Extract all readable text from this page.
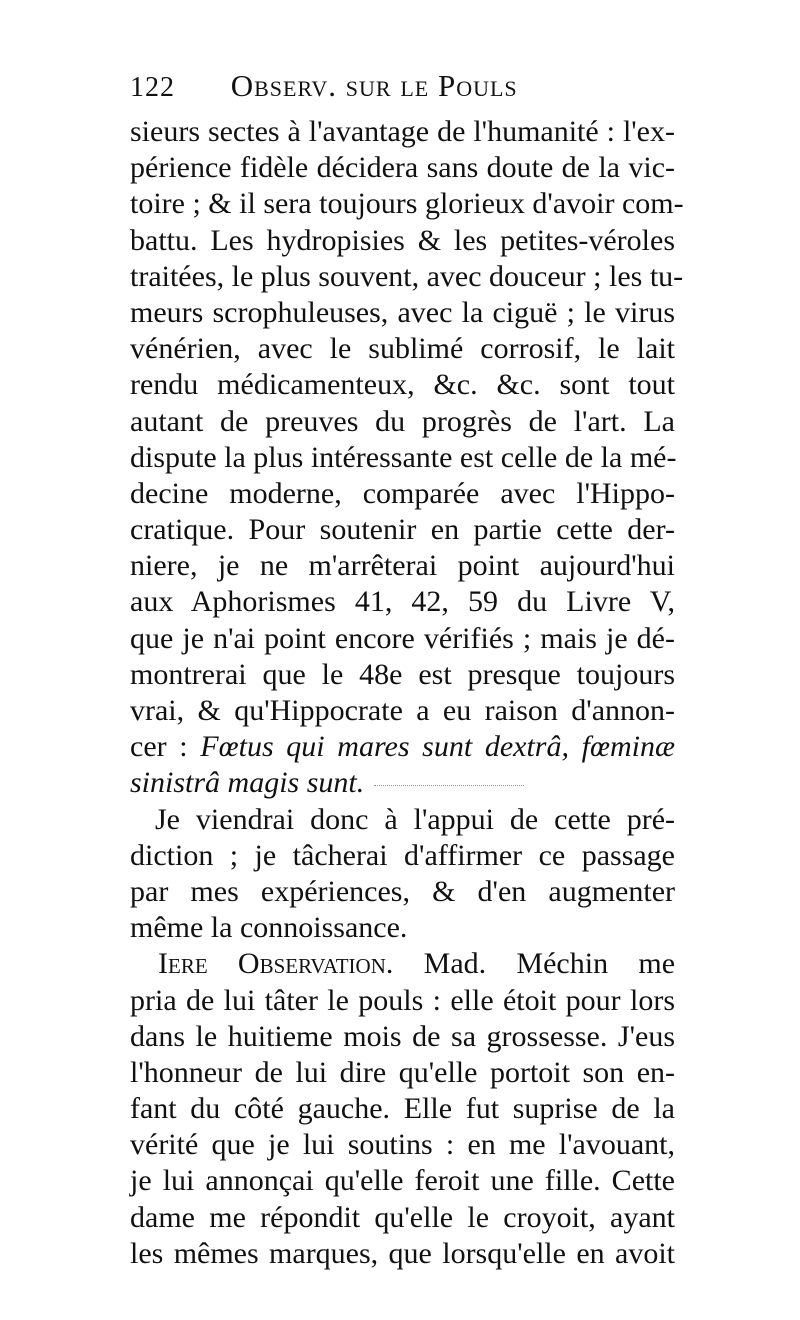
122 Observ. sur le Pouls
sieurs sectes à l'avantage de l'humanité : l'ex-
périence fidèle décidera sans doute de la vic-
toire ; & il sera toujours glorieux d'avoir com-
battu. Les hydropisies & les petites-véroles
traitées, le plus souvent, avec douceur ; les tu-
meurs scrophuleuses, avec la ciguë ; le virus
vénérien, avec le sublimé corrosif, le lait
rendu médicamenteux, &c. &c. sont tout
autant de preuves du progrès de l'art. La
dispute la plus intéressante est celle de la mé-
decine moderne, comparée avec l'Hippo-
cratique. Pour soutenir en partie cette der-
niere, je ne m'arrêterai point aujourd'hui
aux Aphorismes 41, 42, 59 du Livre V,
que je n'ai point encore vérifiés ; mais je dé-
montrerai que le 48e est presque toujours
vrai, & qu'Hippocrate a eu raison d'annon-
cer : Fœtus qui mares sunt dextrâ, fœminæ
sinistrâ magis sunt.
Je viendrai donc à l'appui de cette pré-
diction ; je tâcherai d'affirmer ce passage
par mes expériences, & d'en augmenter
même la connoissance.
Iere Observation. Mad. Méchin me
pria de lui tâter le pouls : elle étoit pour lors
dans le huitieme mois de sa grossesse. J'eus
l'honneur de lui dire qu'elle portoit son en-
fant du côté gauche. Elle fut suprise de la
vérité que je lui soutins : en me l'avouant,
je lui annonçai qu'elle feroit une fille. Cette
dame me répondit qu'elle le croyoit, ayant
les mêmes marques, que lorsqu'elle en avoit
